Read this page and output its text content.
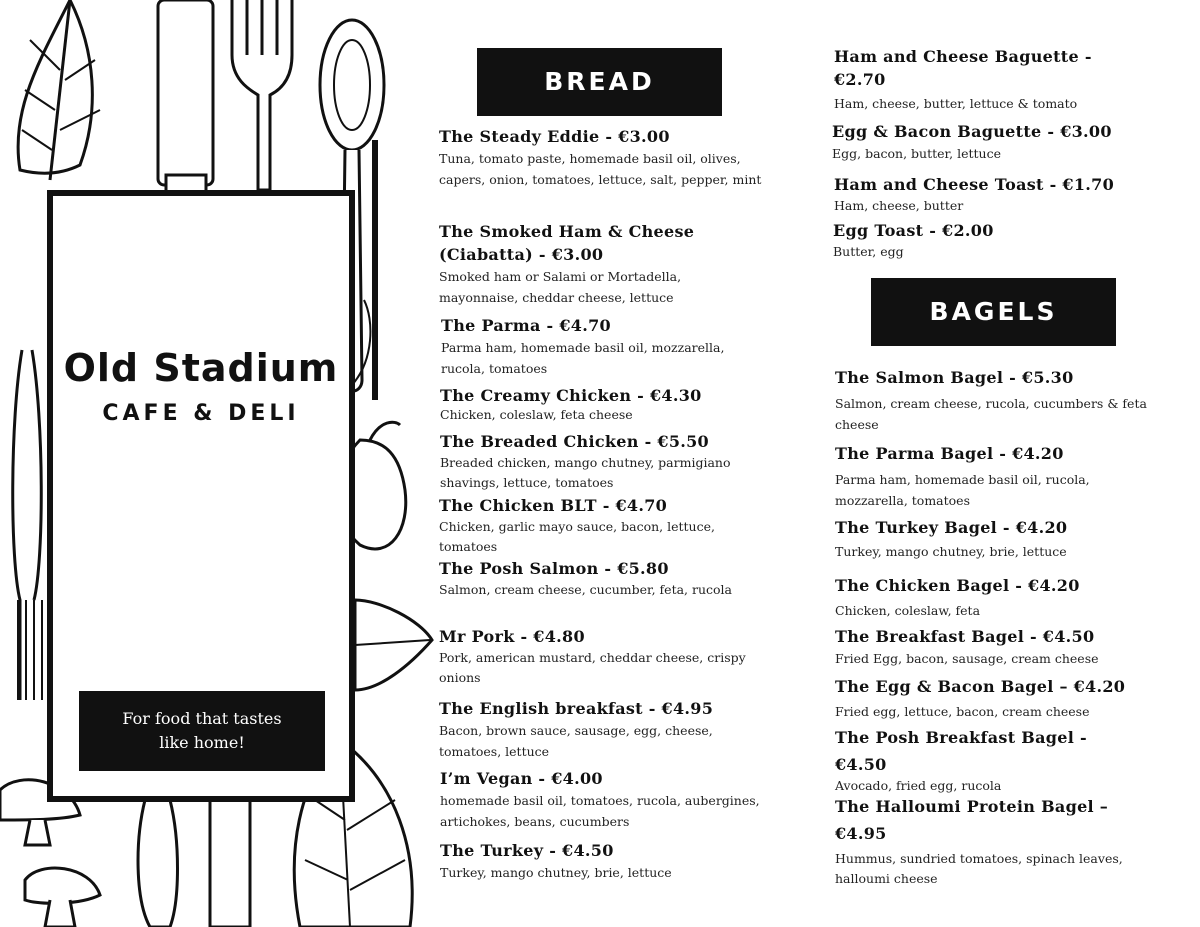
Old Stadium
CAFE & DELI
For food that tastes
like home!
BREAD
BAGELS
The Steady Eddie - €3.00
Tuna, tomato paste, homemade basil oil, olives, capers, onion, tomatoes, lettuce, salt, pepper, mint
The Smoked Ham & Cheese (Ciabatta) - €3.00
Smoked ham or Salami or Mortadella, mayonnaise, cheddar cheese, lettuce
The Parma - €4.70
Parma ham, homemade basil oil, mozzarella, rucola, tomatoes
The Creamy Chicken - €4.30
Chicken, coleslaw, feta cheese
The Breaded Chicken - €5.50
Breaded chicken, mango chutney, parmigiano shavings, lettuce, tomatoes
The Chicken BLT - €4.70
Chicken, garlic mayo sauce, bacon, lettuce, tomatoes
The Posh Salmon - €5.80
Salmon, cream cheese, cucumber, feta, rucola
Mr Pork - €4.80
Pork, american mustard, cheddar cheese, crispy onions
The English breakfast - €4.95
Bacon, brown sauce, sausage, egg, cheese, tomatoes, lettuce
I’m Vegan - €4.00
homemade basil oil, tomatoes, rucola, aubergines, artichokes, beans, cucumbers
The Turkey - €4.50
Turkey, mango chutney, brie, lettuce
Ham and Cheese Baguette - €2.70
Ham, cheese, butter, lettuce & tomato
Egg & Bacon Baguette - €3.00
Egg, bacon, butter, lettuce
Ham and Cheese Toast - €1.70
Ham, cheese, butter
Egg Toast - €2.00
Butter, egg
The Salmon Bagel - €5.30
Salmon, cream cheese, rucola, cucumbers & feta cheese
The Parma Bagel - €4.20
Parma ham, homemade basil oil, rucola, mozzarella, tomatoes
The Turkey Bagel - €4.20
Turkey, mango chutney, brie, lettuce
The Chicken Bagel - €4.20
Chicken, coleslaw, feta
The Breakfast Bagel - €4.50
Fried Egg, bacon, sausage, cream cheese
The Egg & Bacon Bagel – €4.20
Fried egg, lettuce, bacon, cream cheese
The Posh Breakfast Bagel - €4.50
Avocado, fried egg, rucola
The Halloumi Protein Bagel – €4.95
Hummus, sundried tomatoes, spinach leaves, halloumi cheese
